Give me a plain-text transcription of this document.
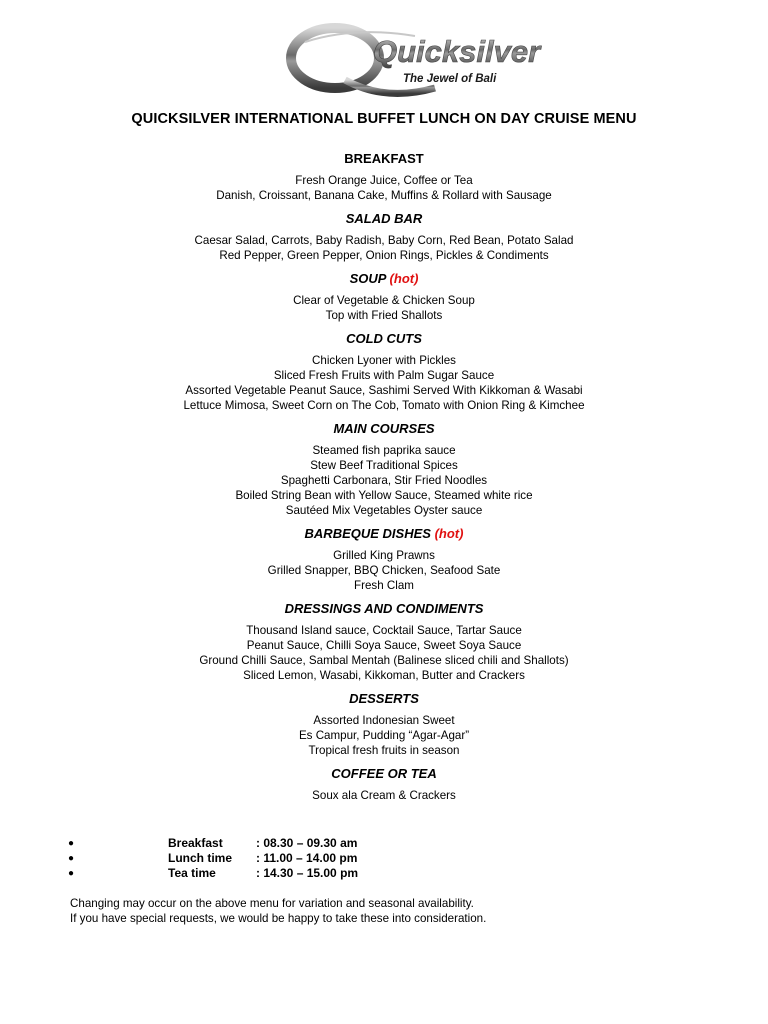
Quicksilver
The Jewel of Bali
QUICKSILVER INTERNATIONAL BUFFET LUNCH ON DAY CRUISE MENU
BREAKFAST
Fresh Orange Juice, Coffee or Tea
Danish, Croissant, Banana Cake, Muffins & Rollard with Sausage
SALAD BAR
Caesar Salad, Carrots, Baby Radish, Baby Corn, Red Bean, Potato Salad
Red Pepper, Green Pepper, Onion Rings, Pickles & Condiments
SOUP (hot)
Clear of Vegetable & Chicken Soup
Top with Fried Shallots
COLD CUTS
Chicken Lyoner with Pickles
Sliced Fresh Fruits with Palm Sugar Sauce
Assorted Vegetable Peanut Sauce, Sashimi Served With Kikkoman & Wasabi
Lettuce Mimosa, Sweet Corn on The Cob, Tomato with Onion Ring & Kimchee
MAIN COURSES
Steamed fish paprika sauce
Stew Beef Traditional Spices
Spaghetti Carbonara, Stir Fried Noodles
Boiled String Bean with Yellow Sauce, Steamed white rice
Sautéed Mix Vegetables Oyster sauce
BARBEQUE DISHES (hot)
Grilled King Prawns
Grilled Snapper, BBQ Chicken, Seafood Sate
Fresh Clam
DRESSINGS AND CONDIMENTS
Thousand Island sauce, Cocktail Sauce, Tartar Sauce
Peanut Sauce, Chilli Soya Sauce, Sweet Soya Sauce
Ground Chilli Sauce, Sambal Mentah (Balinese sliced chili and Shallots)
Sliced Lemon, Wasabi, Kikkoman, Butter and Crackers
DESSERTS
Assorted Indonesian Sweet
Es Campur, Pudding “Agar-Agar”
Tropical fresh fruits in season
COFFEE OR TEA
Soux ala Cream & Crackers
●	Breakfast	: 08.30 – 09.30 am
●	Lunch time : 11.00 – 14.00 pm
●	Tea time	: 14.30 – 15.00 pm
Changing may occur on the above menu for variation and seasonal availability.
If you have special requests, we would be happy to take these into consideration.
